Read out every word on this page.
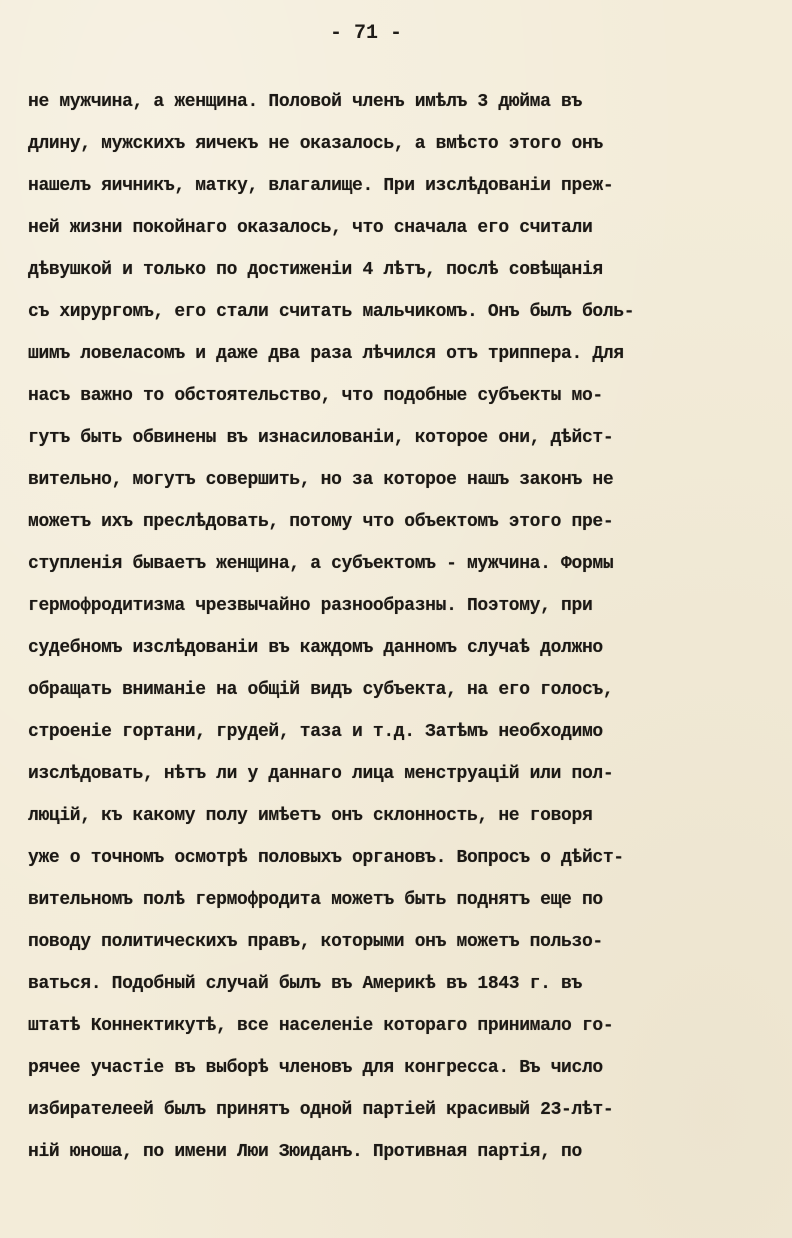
- 71 -
не мужчина, а женщина. Половой членъ имѣлъ 3 дюйма въ
длину, мужскихъ яичекъ не оказалось, а вмѣсто этого онъ
нашелъ яичникъ, матку, влагалище. При изслѣдованiи преж-
ней жизни покойнаго оказалось, что сначала его считали
дѣвушкой и только по достиженiи 4 лѣтъ, послѣ совѣщанiя
съ хирургомъ, его стали считать мальчикомъ. Онъ былъ боль-
шимъ ловеласомъ и даже два раза лѣчился отъ триппера. Для
насъ важно то обстоятельство, что подобные субъекты мо-
гутъ быть обвинены въ изнасилованiи, которое они, дѣйст-
вительно, могутъ совершить, но за которое нашъ законъ не
можетъ ихъ преслѣдовать, потому что объектомъ этого пре-
ступленiя бываетъ женщина, а субъектомъ - мужчина. Формы
гермофродитизма чрезвычайно разнообразны. Поэтому, при
судебномъ изслѣдованiи въ каждомъ данномъ случаѣ должно
обращать вниманiе на общiй видъ субъекта, на его голосъ,
строенiе гортани, грудей, таза и т.д. Затѣмъ необходимо
изслѣдовать, нѣтъ ли у даннаго лица менструацiй или пол-
люцiй, къ какому полу имѣетъ онъ склонность, не говоря
уже о точномъ осмотрѣ половыхъ органовъ. Вопросъ о дѣйст-
вительномъ полѣ гермофродита можетъ быть поднятъ еще по
поводу политическихъ правъ, которыми онъ можетъ пользо-
ваться. Подобный случай былъ въ Америкѣ въ 1843 г. въ
штатѣ Коннектикутѣ, все населенiе котораго принимало го-
рячее участiе въ выборѣ членовъ для конгресса. Въ число
избирателеей былъ принятъ одной партiей красивый 23-лѣт-
нiй юноша, по имени Люи Зюиданъ. Противная партiя, по
